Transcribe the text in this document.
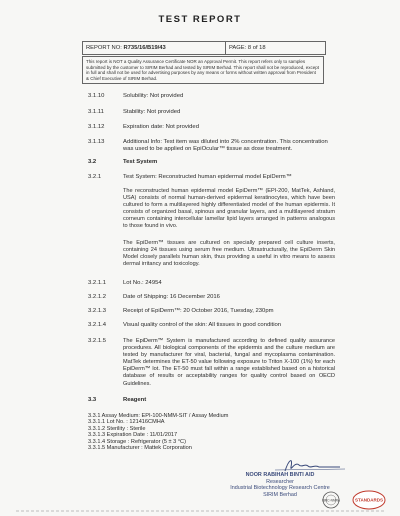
TEST REPORT
REPORT NO: R735/16/B19/43	PAGE: 8 of 18
This report is NOT a Quality Assurance Certificate NOR an Approval Permit. This report refers only to samples submitted by the customer to SIRIM Berhad and tested by SIRIM Berhad. This report shall not be reproduced, except in full and shall not be used for advertising purposes by any means or forms without written approval from President & Chief Executive of SIRIM Berhad.
3.1.10	Solubility: Not provided
3.1.11	Stability: Not provided
3.1.12	Expiration date: Not provided
3.1.13	Additional Info: Test item was diluted into 2% concentration. This concentration was used to be applied on EpiOcular™ tissue as dose treatment.
3.2	Test System
3.2.1	Test System: Reconstructed human epidermal model EpiDerm™
The reconstructed human epidermal model EpiDerm™ (EPI-200, MatTek, Ashland, USA) consists of normal human-derived epidermal keratinocytes, which have been cultured to form a multilayered highly differentiated model of the human epidermis. It consists of organized basal, spinous and granular layers, and a multilayered stratum corneum containing intercellular lamellar lipid layers arranged in patterns analogous to those found in vivo.
The EpiDerm™ tissues are cultured on specially prepared cell culture inserts, containing 24 tissues using serum free medium. Ultrastructurally, the EpiDerm Skin Model closely parallels human skin, thus providing a useful in vitro means to assess dermal irritancy and toxicology.
3.2.1.1	Lot No.: 24954
3.2.1.2	Date of Shipping: 16 December 2016
3.2.1.3	Receipt of EpiDerm™: 20 October 2016, Tuesday, 230pm
3.2.1.4	Visual quality control of the skin: All tissues in good condition
3.2.1.5	The EpiDerm™ System is manufactured according to defined quality assurance procedures. All biological components of the epidermis and the culture medium are tested by manufacturer for viral, bacterial, fungal and mycoplasma contamination. MatTek determines the ET-50 value following exposure to Triton X-100 (1%) for each EpiDerm™ lot. The ET-50 must fall within a range established based on a historical database of results or acceptability ranges for quality control based on OECD Guidelines.
3.3	Reagent
3.3.1 Assay Medium: EPI-100-NMM-SIT / Assay Medium
3.3.1.1 Lot No. : 121416CMHA
3.3.1.2 Sterility : Sterile
3.3.1.3 Expiration Date : 11/01/2017
3.3.1.4 Storage : Refrigerator (5 ± 3 °C)
3.3.1.5 Manufacturer : Mattek Corporation
NOOR RABIHAH BINTI AID
Researcher
Industrial Biotechnology Research Centre
SIRIM Berhad
IBRC-NMRA	STANDARDS
